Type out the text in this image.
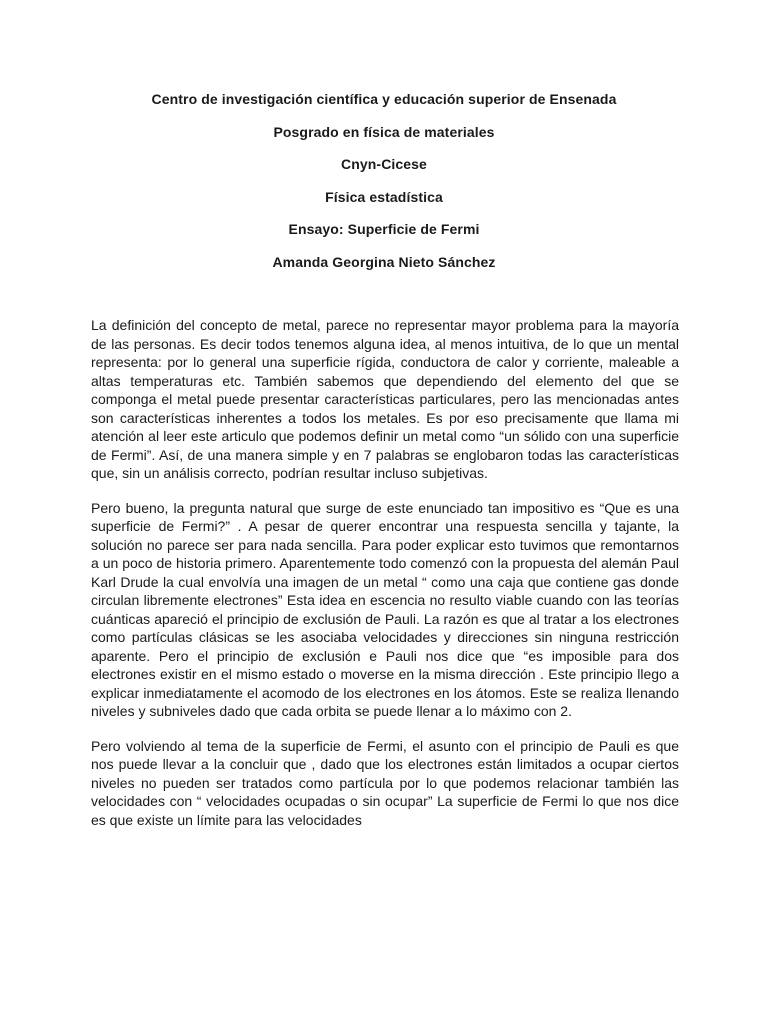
Centro de investigación científica y educación superior de Ensenada
Posgrado en física de materiales
Cnyn-Cicese
Física estadística
Ensayo: Superficie de Fermi
Amanda Georgina Nieto Sánchez

La definición del concepto de metal, parece no representar mayor problema para la mayoría de las personas. Es decir todos tenemos alguna idea, al menos intuitiva, de lo que un mental representa: por lo general una superficie rígida, conductora de calor y corriente, maleable a altas temperaturas etc. También sabemos que dependiendo del elemento del que se componga el metal puede presentar características particulares, pero las mencionadas antes son características inherentes a todos los metales. Es por eso precisamente que llama mi atención al leer este articulo que podemos definir un metal como “un sólido con una superficie de Fermi”. Así, de una manera simple y en 7 palabras se englobaron todas las características que, sin un análisis correcto, podrían resultar incluso subjetivas.

Pero bueno, la pregunta natural que surge de este enunciado tan impositivo es “Que es una superficie de Fermi?” . A pesar de querer encontrar una respuesta sencilla y tajante, la solución no parece ser para nada sencilla. Para poder explicar esto tuvimos que remontarnos a un poco de historia primero. Aparentemente todo comenzó con la propuesta del alemán Paul Karl Drude la cual envolvía una imagen de un metal “ como una caja que contiene gas donde circulan libremente electrones” Esta idea en escencia no resulto viable cuando con las teorías cuánticas apareció el principio de exclusión de Pauli. La razón es que al tratar a los electrones como partículas clásicas se les asociaba velocidades y direcciones sin ninguna restricción aparente. Pero el principio de exclusión e Pauli nos dice que “es imposible para dos electrones existir en el mismo estado o moverse en la misma dirección . Este principio llego a explicar inmediatamente el acomodo de los electrones en los átomos. Este se realiza llenando niveles y subniveles dado que cada orbita se puede llenar a lo máximo con 2.

Pero volviendo al tema de la superficie de Fermi, el asunto con el principio de Pauli es que nos puede llevar a la concluir que , dado que los electrones están limitados a ocupar ciertos niveles no pueden ser tratados como partícula por lo que podemos relacionar también las velocidades con “ velocidades ocupadas o sin ocupar” La superficie de Fermi lo que nos dice es que existe un límite para las velocidades
